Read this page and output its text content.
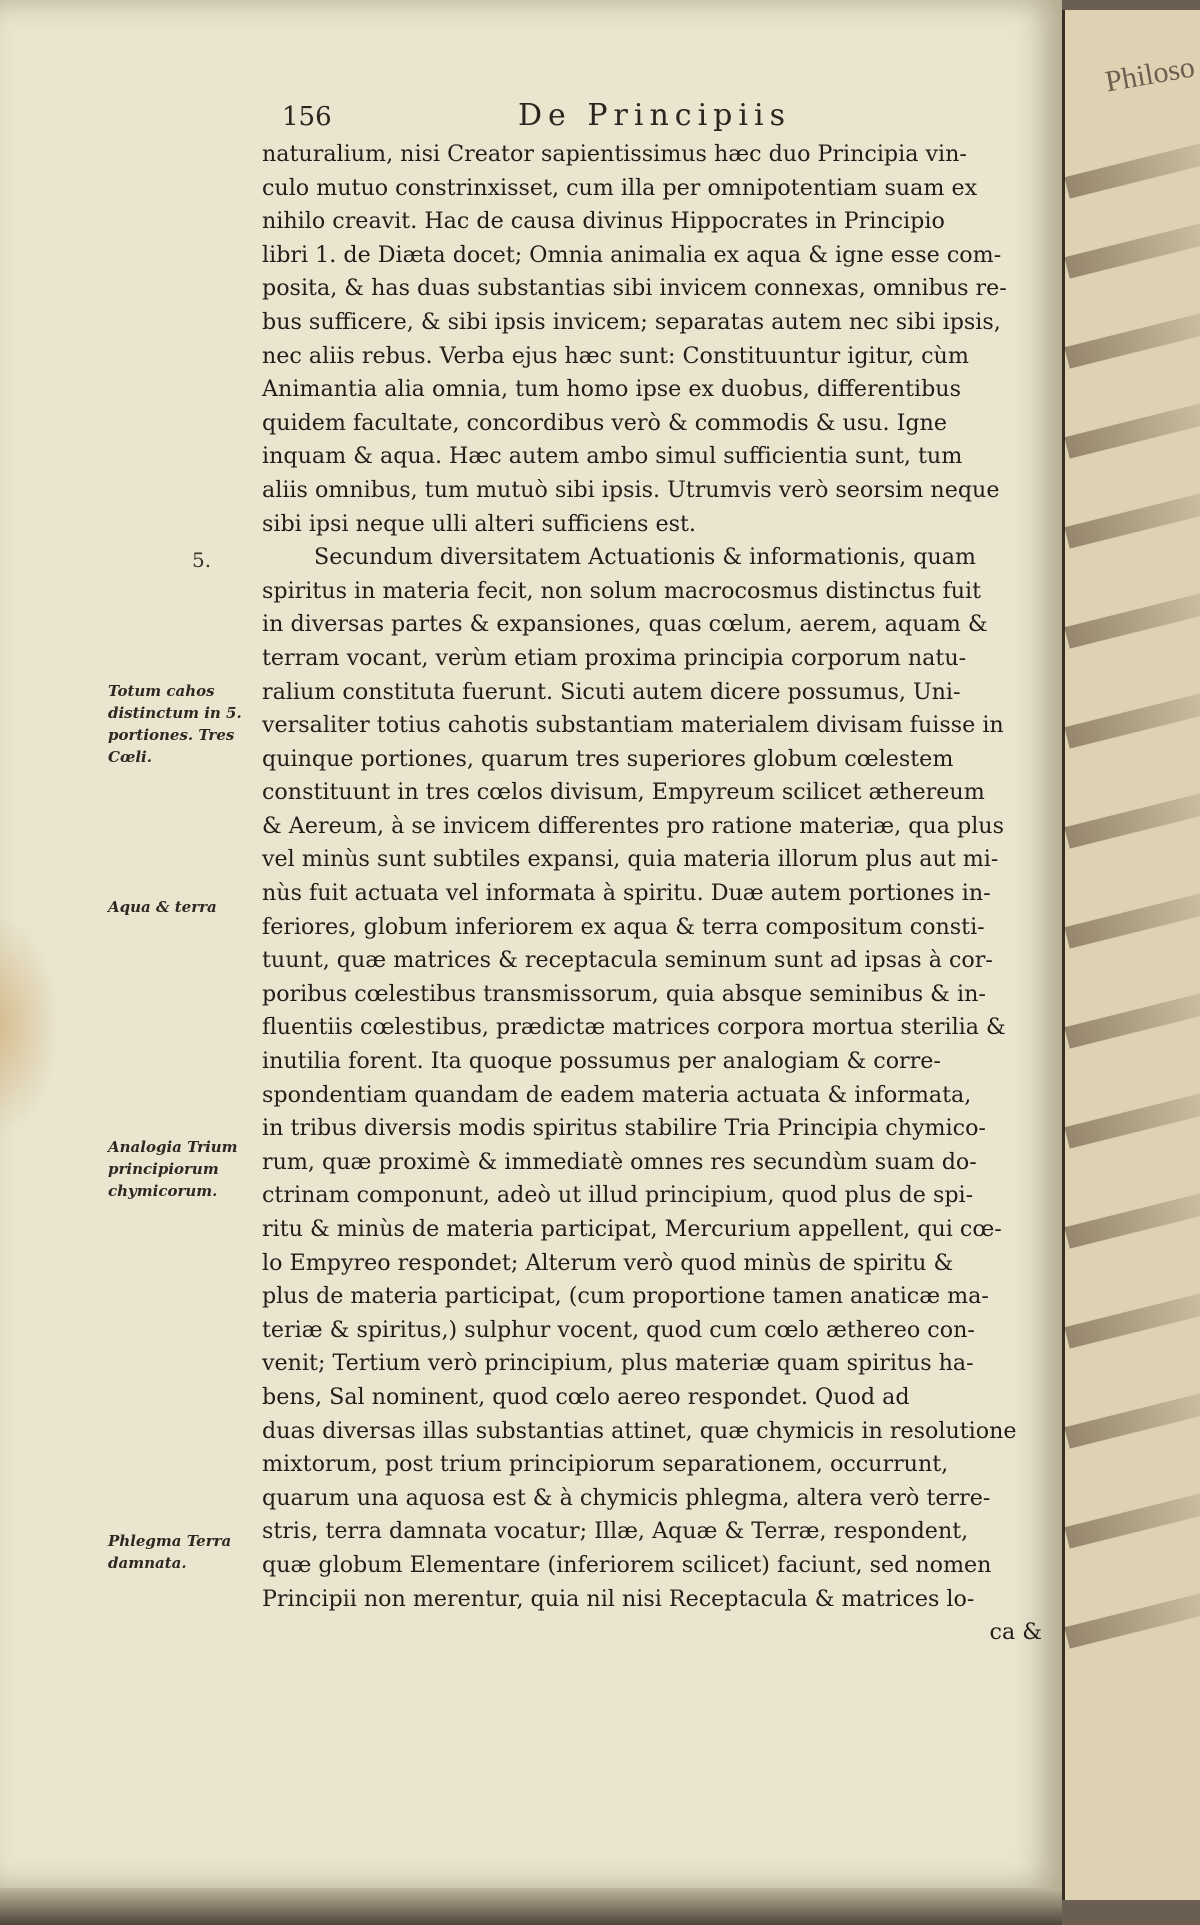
156	De Principiis
5.
Totum cahos distinctum in 5. portiones. Tres Cœli.
Aqua & terra
Analogia Trium principiorum chymicorum.
Phlegma Terra damnata.
naturalium, nisi Creator sapientissimus hæc duo Principia vin-
culo mutuo constrinxisset, cum illa per omnipotentiam suam ex
nihilo creavit. Hac de causa divinus Hippocrates in Principio
libri 1. de Diæta docet; Omnia animalia ex aqua & igne esse com-
posita, & has duas substantias sibi invicem connexas, omnibus re-
bus sufficere, & sibi ipsis invicem; separatas autem nec sibi ipsis,
nec aliis rebus. Verba ejus hæc sunt: Constituuntur igitur, cùm
Animantia alia omnia, tum homo ipse ex duobus, differentibus
quidem facultate, concordibus verò & commodis & usu. Igne
inquam & aqua. Hæc autem ambo simul sufficientia sunt, tum
aliis omnibus, tum mutuò sibi ipsis. Utrumvis verò seorsim neque
sibi ipsi neque ulli alteri sufficiens est.
Secundum diversitatem Actuationis & informationis, quam
spiritus in materia fecit, non solum macrocosmus distinctus fuit
in diversas partes & expansiones, quas cœlum, aerem, aquam &
terram vocant, verùm etiam proxima principia corporum natu-
ralium constituta fuerunt. Sicuti autem dicere possumus, Uni-
versaliter totius cahotis substantiam materialem divisam fuisse in
quinque portiones, quarum tres superiores globum cœlestem
constituunt in tres cœlos divisum, Empyreum scilicet æthereum
& Aereum, à se invicem differentes pro ratione materiæ, qua plus
vel minùs sunt subtiles expansi, quia materia illorum plus aut mi-
nùs fuit actuata vel informata à spiritu. Duæ autem portiones in-
feriores, globum inferiorem ex aqua & terra compositum consti-
tuunt, quæ matrices & receptacula seminum sunt ad ipsas à cor-
poribus cœlestibus transmissorum, quia absque seminibus & in-
fluentiis cœlestibus, prædictæ matrices corpora mortua sterilia &
inutilia forent. Ita quoque possumus per analogiam & corre-
spondentiam quandam de eadem materia actuata & informata,
in tribus diversis modis spiritus stabilire Tria Principia chymico-
rum, quæ proximè & immediatè omnes res secundùm suam do-
ctrinam componunt, adeò ut illud principium, quod plus de spi-
ritu & minùs de materia participat, Mercurium appellent, qui cœ-
lo Empyreo respondet; Alterum verò quod minùs de spiritu &
plus de materia participat, (cum proportione tamen anaticæ ma-
teriæ & spiritus,) sulphur vocent, quod cum cœlo æthereo con-
venit; Tertium verò principium, plus materiæ quam spiritus ha-
bens, Sal nominent, quod cœlo aereo respondet. Quod ad
duas diversas illas substantias attinet, quæ chymicis in resolutione
mixtorum, post trium principiorum separationem, occurrunt,
quarum una aquosa est & à chymicis phlegma, altera verò terre-
stris, terra damnata vocatur; Illæ, Aquæ & Terræ, respondent,
quæ globum Elementare (inferiorem scilicet) faciunt, sed nomen
Principii non merentur, quia nil nisi Receptacula & matrices lo-
ca &
Philoso
